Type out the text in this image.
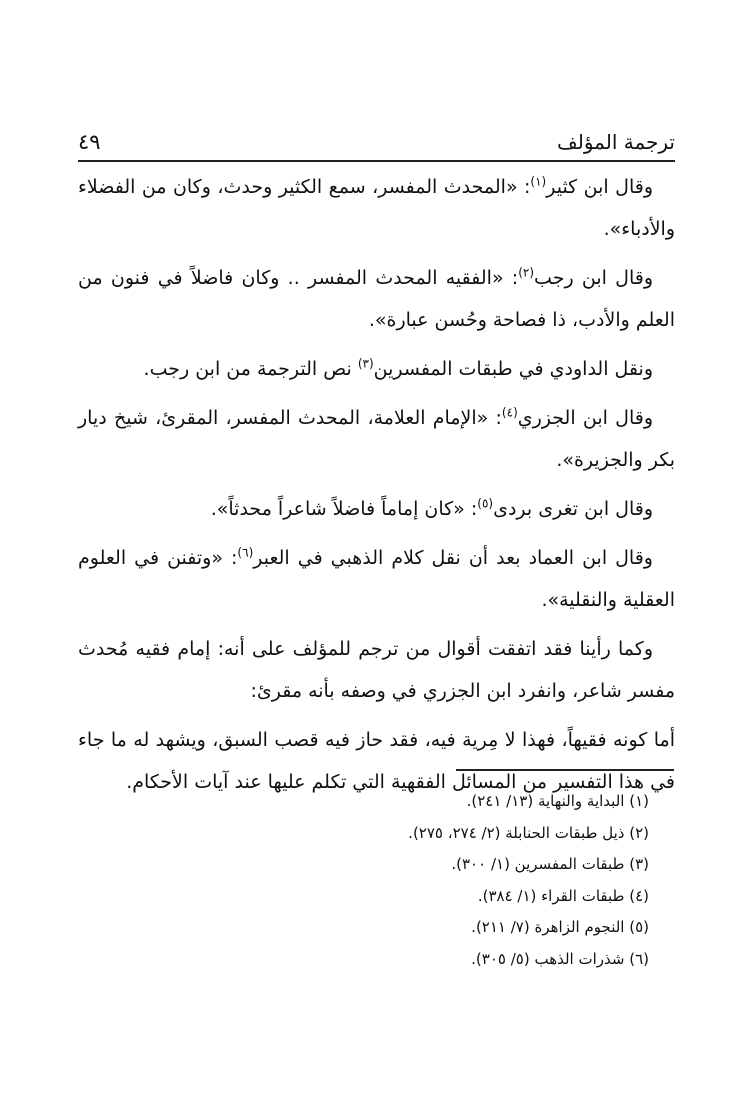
ترجمة المؤلف
٤٩

وقال ابن كثير$^{(١)}$: «المحدث المفسر، سمع الكثير وحدث، وكان من الفضلاء والأدباء».

وقال ابن رجب$^{(٢)}$: «الفقيه المحدث المفسر .. وكان فاضلاً في فنون من العلم والأدب، ذا فصاحة وحُسن عبارة».

ونقل الداودي في طبقات المفسرين$^{(٣)}$ نص الترجمة من ابن رجب.

وقال ابن الجزري$^{(٤)}$: «الإمام العلامة، المحدث المفسر، المقرئ، شيخ ديار بكر والجزيرة».

وقال ابن تغرى بردى$^{(٥)}$: «كان إماماً فاضلاً شاعراً محدثاً».

وقال ابن العماد بعد أن نقل كلام الذهبي في العبر$^{(٦)}$: «وتفنن في العلوم العقلية والنقلية».

وكما رأينا فقد اتفقت أقوال من ترجم للمؤلف على أنه: إمام فقيه مُحدث مفسر شاعر، وانفرد ابن الجزري في وصفه بأنه مقرئ:

أما كونه فقيهاً، فهذا لا مِرية فيه، فقد حاز فيه قصب السبق، ويشهد له ما جاء في هذا التفسير من المسائل الفقهية التي تكلم عليها عند آيات الأحكام.

(١) البداية والنهاية (١٣/ ٢٤١).
(٢) ذيل طبقات الحنابلة (٢/ ٢٧٤، ٢٧٥).
(٣) طبقات المفسرين (١/ ٣٠٠).
(٤) طبقات القراء (١/ ٣٨٤).
(٥) النجوم الزاهرة (٧/ ٢١١).
(٦) شذرات الذهب (٥/ ٣٠٥).
